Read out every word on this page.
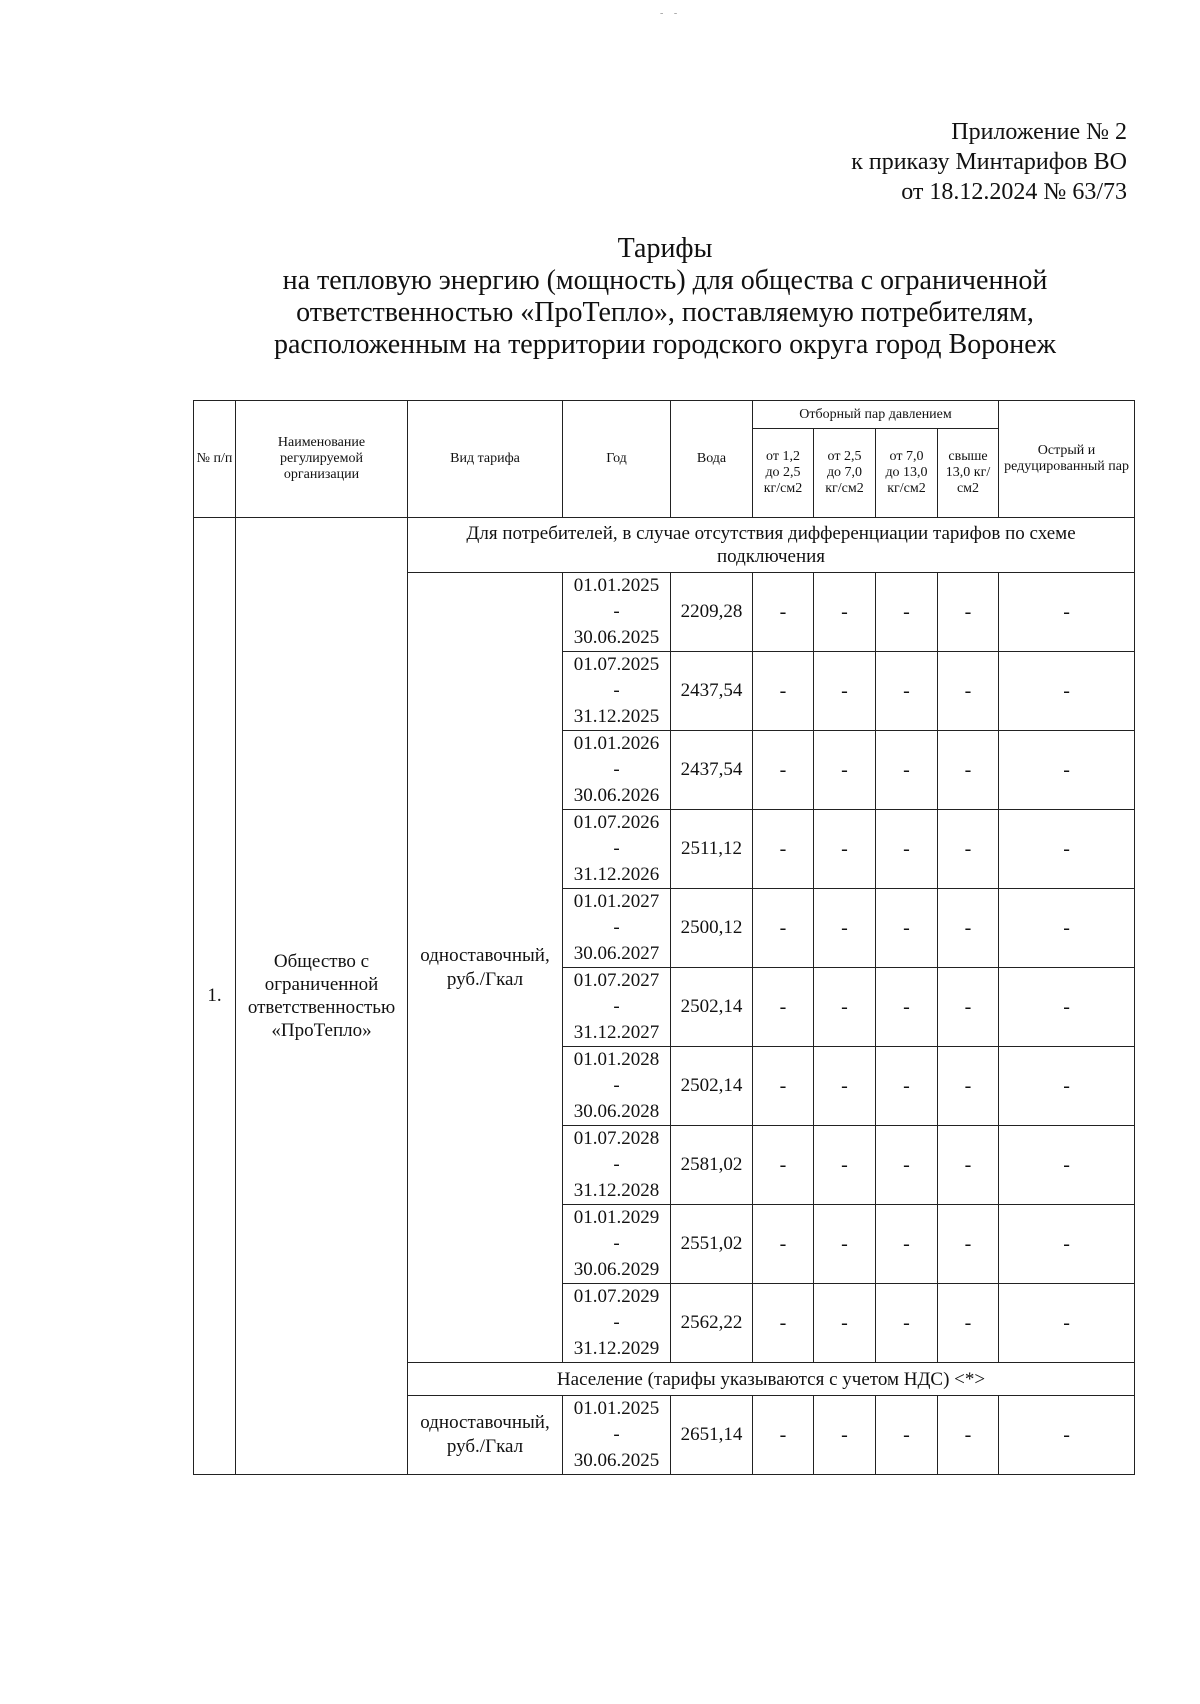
- -
Приложение № 2
к приказу Минтарифов ВО
от 18.12.2024 № 63/73
Тарифы
на тепловую энергию (мощность) для общества с ограниченной
ответственностью «ПроТепло», поставляемую потребителям,
расположенным на территории городского округа город Воронеж
№ п/п	Наименование регулируемой организации	Вид тарифа	Год	Вода	Отборный пар давлением				Острый и редуцированный пар
					от 1,2 до 2,5 кг/см2	от 2,5 до 7,0 кг/см2	от 7,0 до 13,0 кг/см2	свыше 13,0 кг/см2	
1.	Общество с ограниченной ответственностью «ПроТепло»	Для потребителей, в случае отсутствия дифференциации тарифов по схеме подключения							
		одноставочный, руб./Гкал	01.01.2025
-
30.06.2025	2209,28	-	-	-	-	-

			01.07.2025
-
31.12.2025	2437,54	-	-	-	-	-

			01.01.2026
-
30.06.2026	2437,54	-	-	-	-	-

			01.07.2026
-
31.12.2026	2511,12	-	-	-	-	-

			01.01.2027
-
30.06.2027	2500,12	-	-	-	-	-

			01.07.2027
-
31.12.2027	2502,14	-	-	-	-	-

			01.01.2028
-
30.06.2028	2502,14	-	-	-	-	-

			01.07.2028
-
31.12.2028	2581,02	-	-	-	-	-

			01.01.2029
-
30.06.2029	2551,02	-	-	-	-	-

			01.07.2029
-
31.12.2029	2562,22	-	-	-	-	-
		Население (тарифы указываются с учетом НДС) <*>							
		одноставочный, руб./Гкал	01.01.2025
-
30.06.2025	2651,14	-	-	-	-	-
